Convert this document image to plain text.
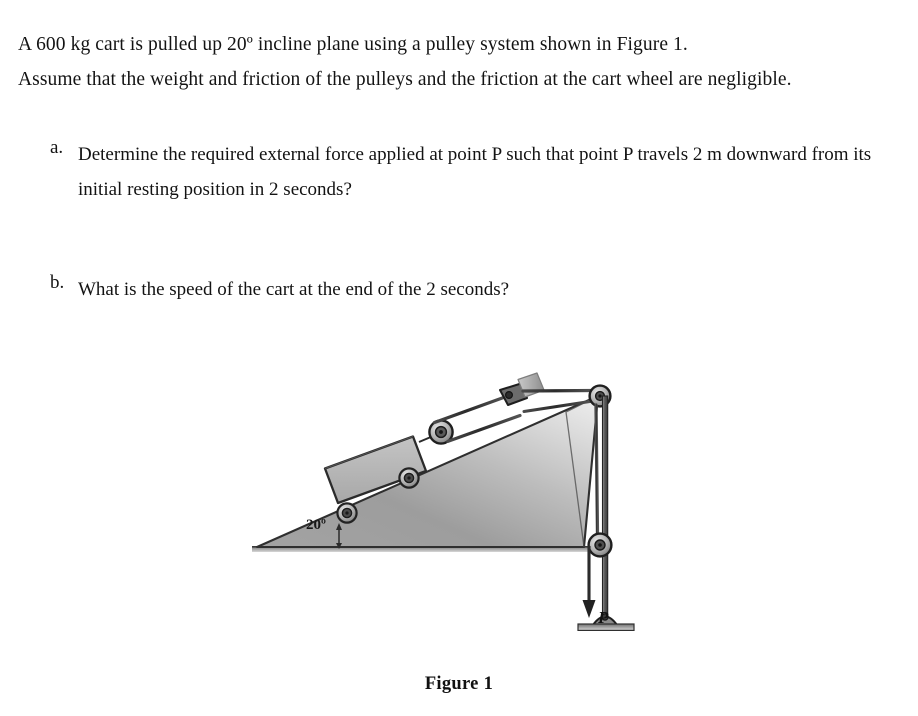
A 600 kg cart is pulled up 20º incline plane using a pulley system shown in Figure 1.
Assume that the weight and friction of the pulleys and the friction at the cart wheel are negligible.
a. Determine the required external force applied at point P such that point P travels 2 m downward from its initial resting position in 2 seconds?
b. What is the speed of the cart at the end of the 2 seconds?
20º
P
Figure 1
